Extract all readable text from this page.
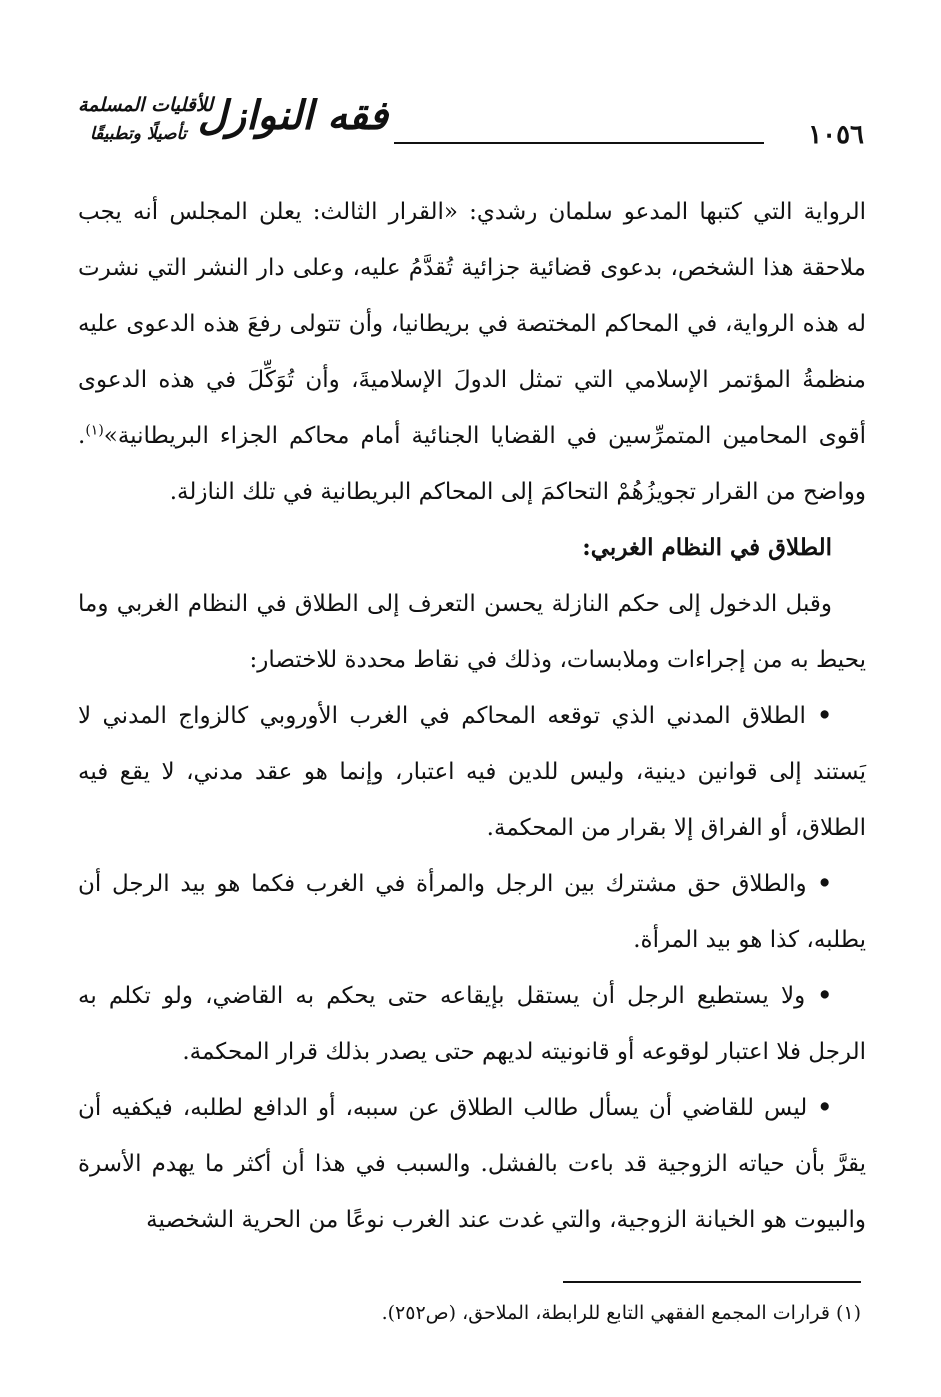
١٠٥٦
فقه النوازل
للأقليات المسلمة
تأصيلًا وتطبيقًا

الرواية التي كتبها المدعو سلمان رشدي: «القرار الثالث: يعلن المجلس أنه يجب ملاحقة هذا الشخص، بدعوى قضائية جزائية تُقدَّمُ عليه، وعلى دار النشر التي نشرت له هذه الرواية، في المحاكم المختصة في بريطانيا، وأن تتولى رفعَ هذه الدعوى عليه منظمةُ المؤتمر الإسلامي التي تمثل الدولَ الإسلاميةَ، وأن تُوَكِّلَ في هذه الدعوى أقوى المحامين المتمرِّسين في القضايا الجنائية أمام محاكم الجزاء البريطانية»$^{(١)}$. وواضح من القرار تجويزُهُمْ التحاكمَ إلى المحاكم البريطانية في تلك النازلة.

الطلاق في النظام الغربي:

وقبل الدخول إلى حكم النازلة يحسن التعرف إلى الطلاق في النظام الغربي وما يحيط به من إجراءات وملابسات، وذلك في نقاط محددة للاختصار:

• الطلاق المدني الذي توقعه المحاكم في الغرب الأوروبي كالزواج المدني لا يَستند إلى قوانين دينية، وليس للدين فيه اعتبار، وإنما هو عقد مدني، لا يقع فيه الطلاق، أو الفراق إلا بقرار من المحكمة.

• والطلاق حق مشترك بين الرجل والمرأة في الغرب فكما هو بيد الرجل أن يطلبه، كذا هو بيد المرأة.

• ولا يستطيع الرجل أن يستقل بإيقاعه حتى يحكم به القاضي، ولو تكلم به الرجل فلا اعتبار لوقوعه أو قانونيته لديهم حتى يصدر بذلك قرار المحكمة.

• ليس للقاضي أن يسأل طالب الطلاق عن سببه، أو الدافع لطلبه، فيكفيه أن يقرَّ بأن حياته الزوجية قد باءت بالفشل. والسبب في هذا أن أكثر ما يهدم الأسرة والبيوت هو الخيانة الزوجية، والتي غدت عند الغرب نوعًا من الحرية الشخصية

(١) قرارات المجمع الفقهي التابع للرابطة، الملاحق، (ص٢٥٢).
